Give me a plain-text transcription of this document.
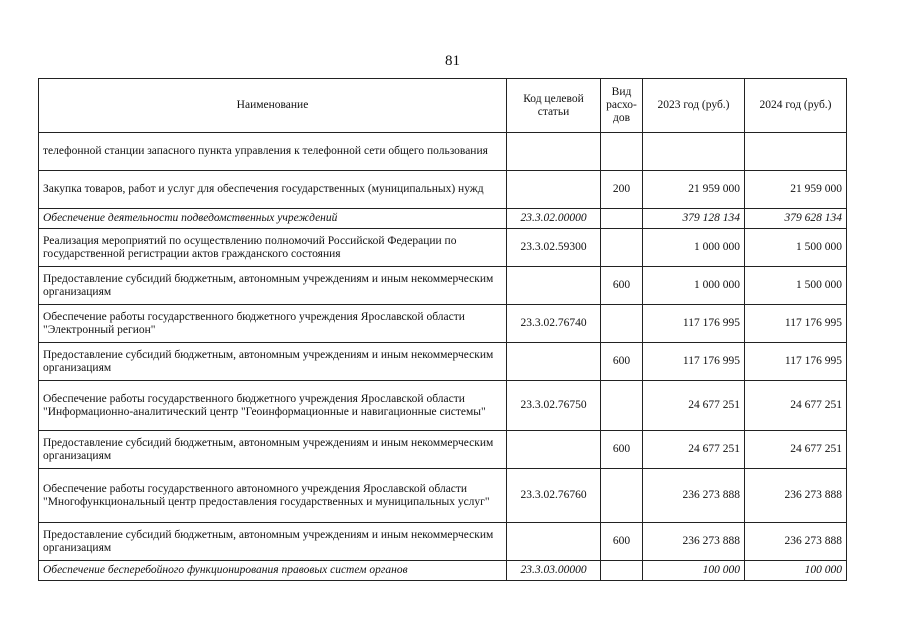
81
Наименование	Код целевой статьи	Вид расхо-дов	2023 год (руб.)	2024 год (руб.)
телефонной станции запасного пункта управления к телефонной сети общего пользования				
Закупка товаров, работ и услуг для обеспечения государственных (муниципальных) нужд		200	21 959 000	21 959 000
Обеспечение деятельности подведомственных учреждений	23.3.02.00000		379 128 134	379 628 134
Реализация мероприятий по осуществлению полномочий Российской Федерации по государственной регистрации актов гражданского состояния	23.3.02.59300		1 000 000	1 500 000
Предоставление субсидий бюджетным, автономным учреждениям и иным некоммерческим организациям		600	1 000 000	1 500 000
Обеспечение работы государственного бюджетного учреждения Ярославской области "Электронный регион"	23.3.02.76740		117 176 995	117 176 995
Предоставление субсидий бюджетным, автономным учреждениям и иным некоммерческим организациям		600	117 176 995	117 176 995
Обеспечение работы государственного бюджетного учреждения Ярославской области "Информационно-аналитический центр "Геоинформационные и навигационные системы"	23.3.02.76750		24 677 251	24 677 251
Предоставление субсидий бюджетным, автономным учреждениям и иным некоммерческим организациям		600	24 677 251	24 677 251
Обеспечение работы государственного автономного учреждения Ярославской области "Многофункциональный центр предоставления государственных и муниципальных услуг"	23.3.02.76760		236 273 888	236 273 888
Предоставление субсидий бюджетным, автономным учреждениям и иным некоммерческим организациям		600	236 273 888	236 273 888
Обеспечение бесперебойного функционирования правовых систем органов	23.3.03.00000		100 000	100 000
